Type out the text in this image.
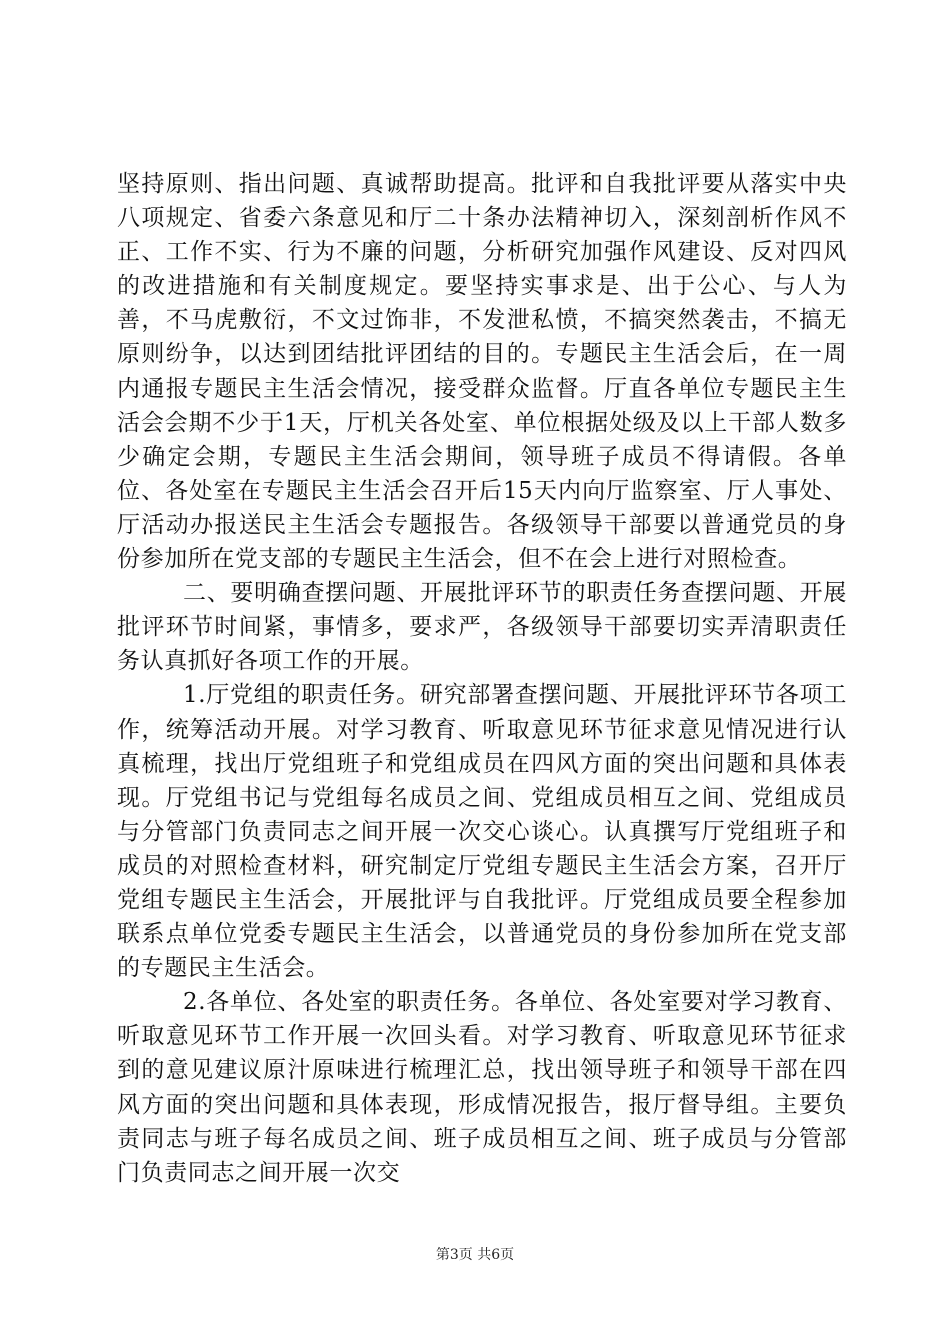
坚持原则、指出问题、真诚帮助提高。批评和自我批评要从落实中央八项规定、省委六条意见和厅二十条办法精神切入，深刻剖析作风不正、工作不实、行为不廉的问题，分析研究加强作风建设、反对四风的改进措施和有关制度规定。要坚持实事求是、出于公心、与人为善，不马虎敷衍，不文过饰非，不发泄私愤，不搞突然袭击，不搞无原则纷争，以达到团结批评团结的目的。专题民主生活会后，在一周内通报专题民主生活会情况，接受群众监督。厅直各单位专题民主生活会会期不少于1天，厅机关各处室、单位根据处级及以上干部人数多少确定会期，专题民主生活会期间，领导班子成员不得请假。各单位、各处室在专题民主生活会召开后15天内向厅监察室、厅人事处、厅活动办报送民主生活会专题报告。各级领导干部要以普通党员的身份参加所在党支部的专题民主生活会，但不在会上进行对照检查。

二、要明确查摆问题、开展批评环节的职责任务查摆问题、开展批评环节时间紧，事情多，要求严，各级领导干部要切实弄清职责任务认真抓好各项工作的开展。

1.厅党组的职责任务。研究部署查摆问题、开展批评环节各项工作，统筹活动开展。对学习教育、听取意见环节征求意见情况进行认真梳理，找出厅党组班子和党组成员在四风方面的突出问题和具体表现。厅党组书记与党组每名成员之间、党组成员相互之间、党组成员与分管部门负责同志之间开展一次交心谈心。认真撰写厅党组班子和成员的对照检查材料，研究制定厅党组专题民主生活会方案，召开厅党组专题民主生活会，开展批评与自我批评。厅党组成员要全程参加联系点单位党委专题民主生活会，以普通党员的身份参加所在党支部的专题民主生活会。

2.各单位、各处室的职责任务。各单位、各处室要对学习教育、听取意见环节工作开展一次回头看。对学习教育、听取意见环节征求到的意见建议原汁原味进行梳理汇总，找出领导班子和领导干部在四风方面的突出问题和具体表现，形成情况报告，报厅督导组。主要负责同志与班子每名成员之间、班子成员相互之间、班子成员与分管部门负责同志之间开展一次交

第3页 共6页
